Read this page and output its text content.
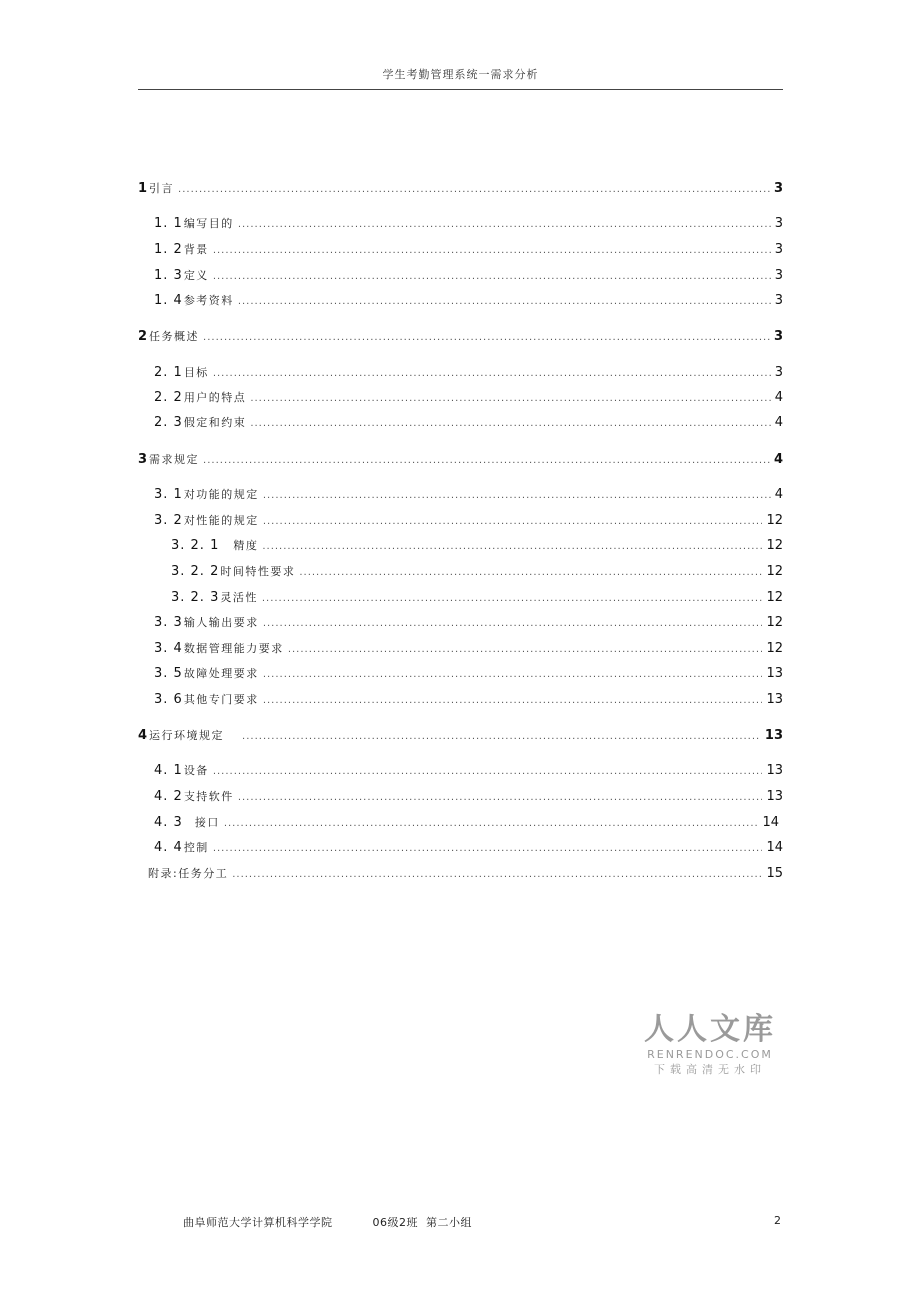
学生考勤管理系统一需求分析
1 引言 .....	3
1. 1 编写目的 .....	3
1. 2 背景 .....	3
1. 3 定义 .....	3
1. 4 参考资料 .....	3
2 任务概述 .....	3
2. 1 目标 .....	3
2. 2 用户的特点 .....	4
2. 3 假定和约束 .....	4
3 需求规定 .....	4
3. 1 对功能的规定 .....	4
3. 2 对性能的规定 .....	12
3. 2. 1 精度 .....	12
3. 2. 2 时间特性要求 .....	12
3. 2. 3 灵活性 .....	12
3. 3 输人输出要求 .....	12
3. 4 数据管理能力要求 .....	12
3. 5 故障处理要求 .....	13
3. 6 其他专门要求 .....	13
4 运行环境规定 .....	13
4. 1 设备 .....	13
4. 2 支持软件 .....	13
4. 3 接口 .....	14
4. 4 控制 .....	14
附录:任务分工 .....	15
人人文库
RENRENDOC.COM
下载高清无水印
曲阜师范大学计算机科学学院          06级2班  第二小组	2
